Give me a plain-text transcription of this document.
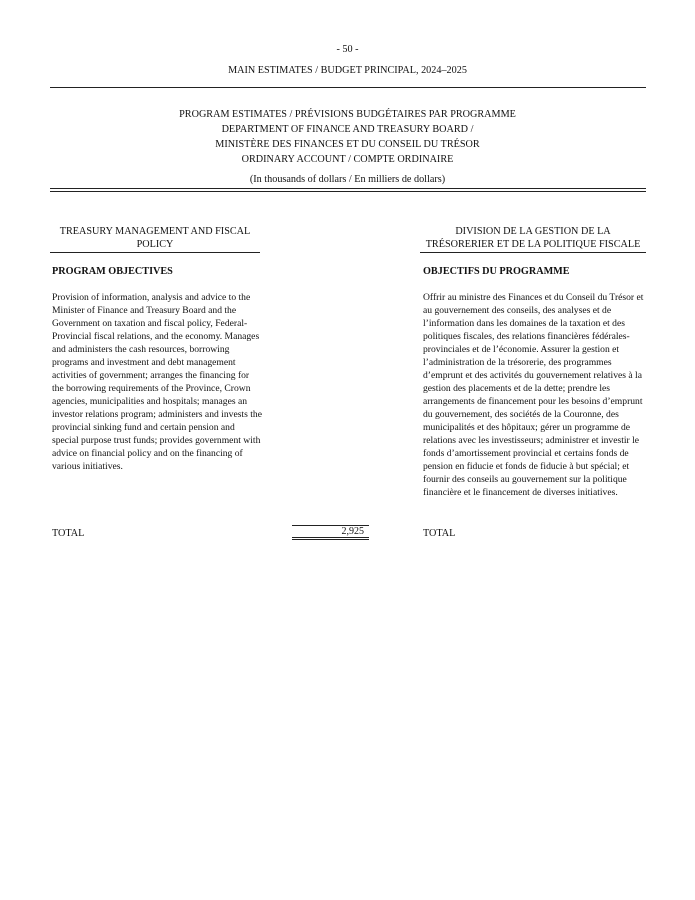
- 50 -
MAIN ESTIMATES / BUDGET PRINCIPAL, 2024–2025
PROGRAM ESTIMATES / PRÉVISIONS BUDGÉTAIRES PAR PROGRAMME
DEPARTMENT OF FINANCE AND TREASURY BOARD /
MINISTÈRE DES FINANCES ET DU CONSEIL DU TRÉSOR
ORDINARY ACCOUNT / COMPTE ORDINAIRE
(In thousands of dollars / En milliers de dollars)
TREASURY MANAGEMENT AND FISCAL
POLICY
PROGRAM OBJECTIVES
Provision of information, analysis and advice to the Minister of Finance and Treasury Board and the Government on taxation and fiscal policy, Federal-Provincial fiscal relations, and the economy. Manages and administers the cash resources, borrowing programs and investment and debt management activities of government; arranges the financing for the borrowing requirements of the Province, Crown agencies, municipalities and hospitals; manages an investor relations program; administers and invests the provincial sinking fund and certain pension and special purpose trust funds; provides government with advice on financial policy and on the financing of various initiatives.
TOTAL	2,925
DIVISION DE LA GESTION DE LA
TRÉSORERIER ET DE LA POLITIQUE FISCALE
OBJECTIFS DU PROGRAMME
Offrir au ministre des Finances et du Conseil du Trésor et au gouvernement des conseils, des analyses et de l’information dans les domaines de la taxation et des politiques fiscales, des relations financières fédérales-provinciales et de l’économie. Assurer la gestion et l’administration de la trésorerie, des programmes d’emprunt et des activités du gouvernement relatives à la gestion des placements et de la dette; prendre les arrangements de financement pour les besoins d’emprunt du gouvernement, des sociétés de la Couronne, des municipalités et des hôpitaux; gérer un programme de relations avec les investisseurs; administrer et investir le fonds d’amortissement provincial et certains fonds de pension en fiducie et fonds de fiducie à but spécial; et fournir des conseils au gouvernement sur la politique financière et le financement de diverses initiatives.
TOTAL
